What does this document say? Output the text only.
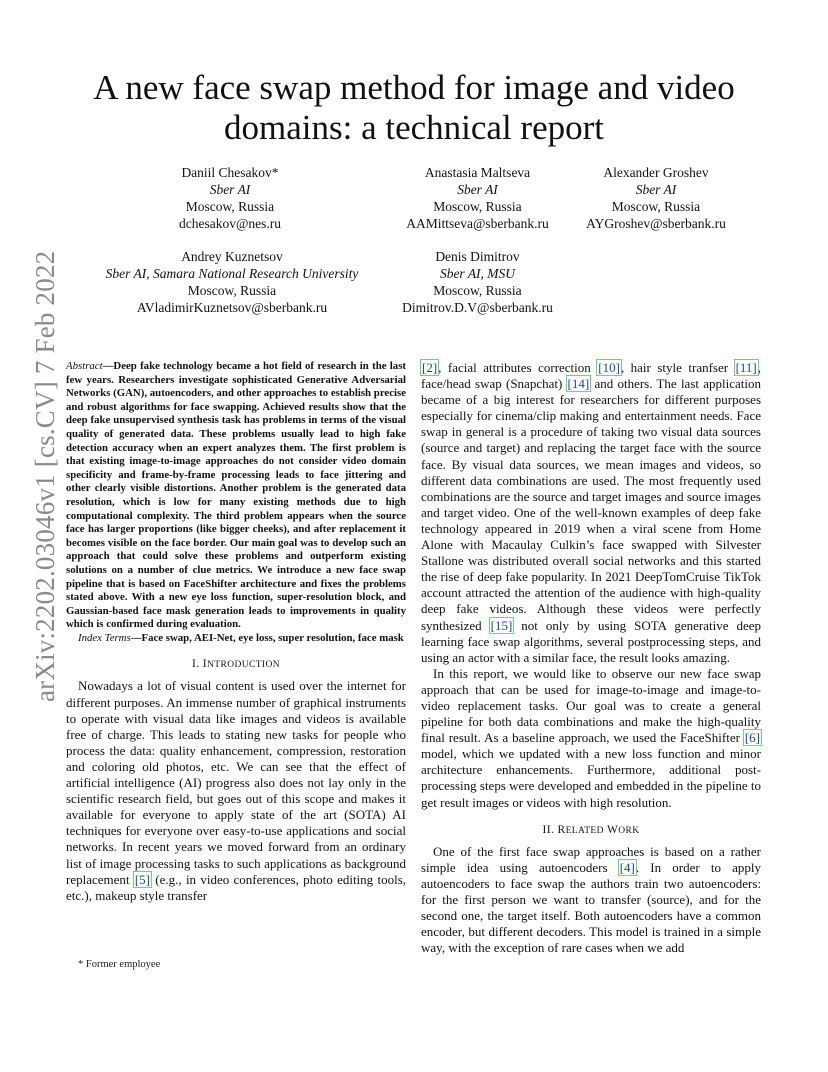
arXiv:2202.03046v1 [cs.CV] 7 Feb 2022
A new face swap method for image and video domains: a technical report
Daniil Chesakov*
Sber AI
Moscow, Russia
dchesakov@nes.ru
Anastasia Maltseva
Sber AI
Moscow, Russia
AAMittseva@sberbank.ru
Alexander Groshev
Sber AI
Moscow, Russia
AYGroshev@sberbank.ru
Andrey Kuznetsov
Sber AI, Samara National Research University
Moscow, Russia
AVladimirKuznetsov@sberbank.ru
Denis Dimitrov
Sber AI, MSU
Moscow, Russia
Dimitrov.D.V@sberbank.ru

Abstract—Deep fake technology became a hot field of research in the last few years. Researchers investigate sophisticated Generative Adversarial Networks (GAN), autoencoders, and other approaches to establish precise and robust algorithms for face swapping. Achieved results show that the deep fake unsupervised synthesis task has problems in terms of the visual quality of generated data. These problems usually lead to high fake detection accuracy when an expert analyzes them. The first problem is that existing image-to-image approaches do not consider video domain specificity and frame-by-frame processing leads to face jittering and other clearly visible distortions. Another problem is the generated data resolution, which is low for many existing methods due to high computational complexity. The third problem appears when the source face has larger proportions (like bigger cheeks), and after replacement it becomes visible on the face border. Our main goal was to develop such an approach that could solve these problems and outperform existing solutions on a number of clue metrics. We introduce a new face swap pipeline that is based on FaceShifter architecture and fixes the problems stated above. With a new eye loss function, super-resolution block, and Gaussian-based face mask generation leads to improvements in quality which is confirmed during evaluation.

Index Terms—Face swap, AEI-Net, eye loss, super resolution, face mask

I. INTRODUCTION

Nowadays a lot of visual content is used over the internet for different purposes. An immense number of graphical instruments to operate with visual data like images and videos is available free of charge. This leads to stating new tasks for people who process the data: quality enhancement, compression, restoration and coloring old photos, etc. We can see that the effect of artificial intelligence (AI) progress also does not lay only in the scientific research field, but goes out of this scope and makes it available for everyone to apply state of the art (SOTA) AI techniques for everyone over easy-to-use applications and social networks. In recent years we moved forward from an ordinary list of image processing tasks to such applications as background replacement [5] (e.g., in video conferences, photo editing tools, etc.), makeup style transfer

[2], facial attributes correction [10], hair style tranfser [11], face/head swap (Snapchat) [14] and others. The last application became of a big interest for researchers for different purposes especially for cinema/clip making and entertainment needs. Face swap in general is a procedure of taking two visual data sources (source and target) and replacing the target face with the source face. By visual data sources, we mean images and videos, so different data combinations are used. The most frequently used combinations are the source and target images and source images and target video. One of the well-known examples of deep fake technology appeared in 2019 when a viral scene from Home Alone with Macaulay Culkin’s face swapped with Silvester Stallone was distributed overall social networks and this started the rise of deep fake popularity. In 2021 DeepTomCruise TikTok account attracted the attention of the audience with high-quality deep fake videos. Although these videos were perfectly synthesized [15] not only by using SOTA generative deep learning face swap algorithms, several postprocessing steps, and using an actor with a similar face, the result looks amazing.

In this report, we would like to observe our new face swap approach that can be used for image-to-image and image-to-video replacement tasks. Our goal was to create a general pipeline for both data combinations and make the high-quality final result. As a baseline approach, we used the FaceShifter [6] model, which we updated with a new loss function and minor architecture enhancements. Furthermore, additional post-processing steps were developed and embedded in the pipeline to get result images or videos with high resolution.

II. RELATED WORK

One of the first face swap approaches is based on a rather simple idea using autoencoders [4]. In order to apply autoencoders to face swap the authors train two autoencoders: for the first person we want to transfer (source), and for the second one, the target itself. Both autoencoders have a common encoder, but different decoders. This model is trained in a simple way, with the exception of rare cases when we add

* Former employee
